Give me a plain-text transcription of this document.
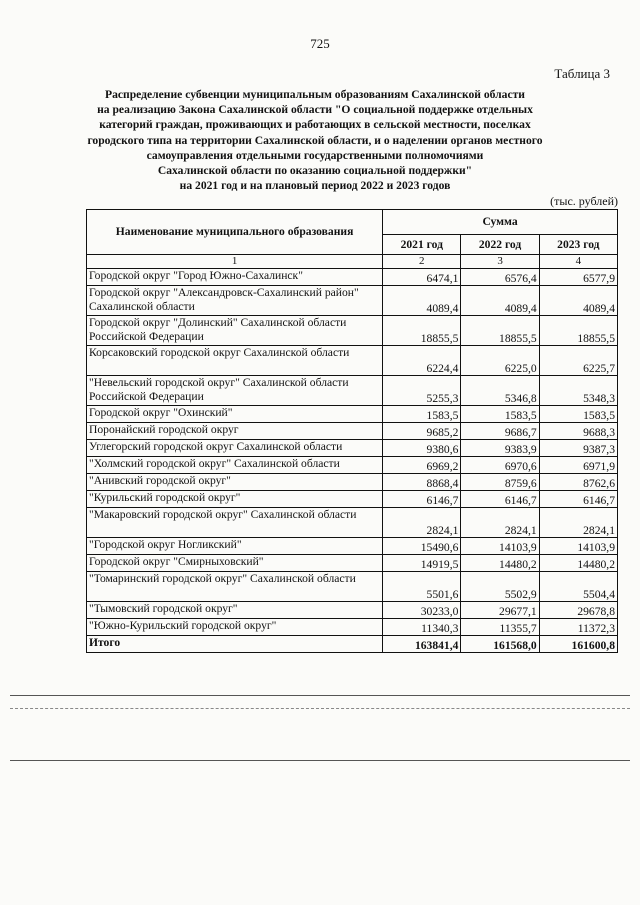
725
Таблица 3
Распределение субвенции муниципальным образованиям Сахалинской области
на реализацию Закона Сахалинской области "О социальной поддержке отдельных
категорий граждан, проживающих и работающих в сельской местности, поселках
городского типа на территории Сахалинской области, и о наделении органов местного
самоуправления отдельными государственными полномочиями
Сахалинской области по оказанию социальной поддержки"
на 2021 год и на плановый период 2022 и 2023 годов
(тыс. рублей)
Наименование муниципального образования	Сумма		
	2021 год	2022 год	2023 год
1	2	3	4
Городской округ "Город Южно-Сахалинск"	6474,1	6576,4	6577,9
Городской округ "Александровск-Сахалинский район" Сахалинской области	4089,4	4089,4	4089,4
Городской округ "Долинский" Сахалинской области Российской Федерации	18855,5	18855,5	18855,5
Корсаковский городской округ Сахалинской области	6224,4	6225,0	6225,7
"Невельский городской округ" Сахалинской области Российской Федерации	5255,3	5346,8	5348,3
Городской округ "Охинский"	1583,5	1583,5	1583,5
Поронайский городской округ	9685,2	9686,7	9688,3
Углегорский городской округ Сахалинской области	9380,6	9383,9	9387,3
"Холмский городской округ" Сахалинской области	6969,2	6970,6	6971,9
"Анивский городской округ"	8868,4	8759,6	8762,6
"Курильский городской округ"	6146,7	6146,7	6146,7
"Макаровский городской округ" Сахалинской области	2824,1	2824,1	2824,1
"Городской округ Ногликский"	15490,6	14103,9	14103,9
Городской округ "Смирныховский"	14919,5	14480,2	14480,2
"Томаринский городской округ" Сахалинской области	5501,6	5502,9	5504,4
"Тымовский городской округ"	30233,0	29677,1	29678,8
"Южно-Курильский городской округ"	11340,3	11355,7	11372,3
Итого	163841,4	161568,0	161600,8
